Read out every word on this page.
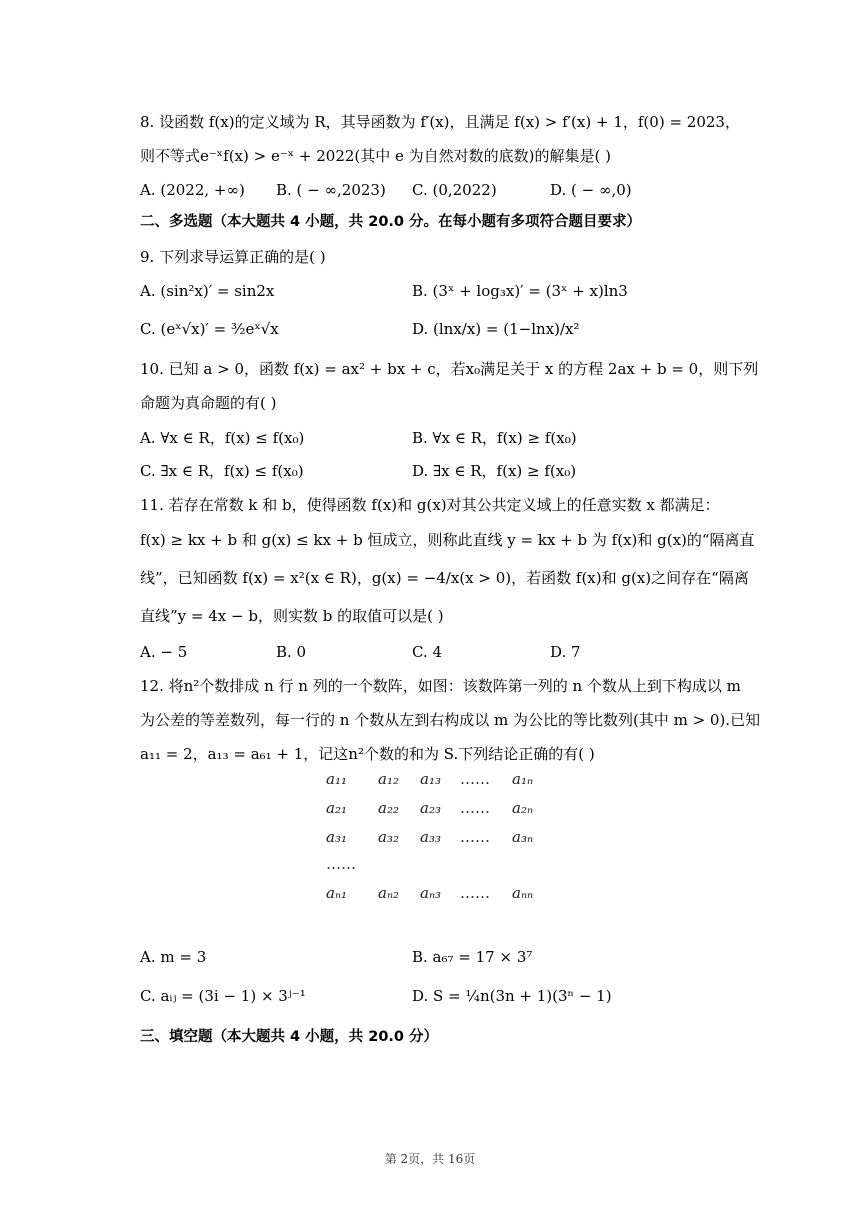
8. 设函数 f(x)的定义域为 R，其导函数为 f′(x)，且满足 f(x) > f′(x) + 1，f(0) = 2023，
则不等式e⁻ˣf(x) > e⁻ˣ + 2022(其中 e 为自然对数的底数)的解集是( )
A. (2022, +∞) B. ( − ∞,2023) C. (0,2022)	D. ( − ∞,0)
二、多选题（本大题共 4 小题，共 20.0 分。在每小题有多项符合题目要求）
9. 下列求导运算正确的是( )
A. (sin²x)′ = sin2x	B. (3ˣ + log₃x)′ = (3ˣ + x)ln3
C. (eˣ√x)′ = ³⁄₂eˣ√x	D. (lnx/x) = (1−lnx)/x²
10. 已知 a > 0，函数 f(x) = ax² + bx + c，若x₀满足关于 x 的方程 2ax + b = 0，则下列
命题为真命题的有( )
A. ∀x ∈ R，f(x) ≤ f(x₀)	B. ∀x ∈ R，f(x) ≥ f(x₀)
C. ∃x ∈ R，f(x) ≤ f(x₀)	D. ∃x ∈ R，f(x) ≥ f(x₀)
11. 若存在常数 k 和 b，使得函数 f(x)和 g(x)对其公共定义域上的任意实数 x 都满足：
f(x) ≥ kx + b 和 g(x) ≤ kx + b 恒成立，则称此直线 y = kx + b 为 f(x)和 g(x)的“隔离直
线”，已知函数 f(x) = x²(x ∈ R)，g(x) = −4/x(x > 0)，若函数 f(x)和 g(x)之间存在“隔离
直线”y = 4x − b，则实数 b 的取值可以是( )
A. − 5	B. 0	C. 4	D. 7
12. 将n²个数排成 n 行 n 列的一个数阵，如图：该数阵第一列的 n 个数从上到下构成以 m
为公差的等差数列，每一行的 n 个数从左到右构成以 m 为公比的等比数列(其中 m > 0).已知
a₁₁ = 2，a₁₃ = a₆₁ + 1，记这n²个数的和为 S.下列结论正确的有( )
a₁₁ a₁₂ a₁₃ …… a₁ₙ
a₂₁ a₂₂ a₂₃ …… a₂ₙ
a₃₁ a₃₂ a₃₃ …… a₃ₙ
……
aₙ₁ aₙ₂ aₙ₃ …… aₙₙ
A. m = 3	B. a₆₇ = 17 × 3⁷
C. aᵢⱼ = (3i − 1) × 3ʲ⁻¹	D. S = ¼n(3n + 1)(3ⁿ − 1)
三、填空题（本大题共 4 小题，共 20.0 分）
第 2页，共 16页
